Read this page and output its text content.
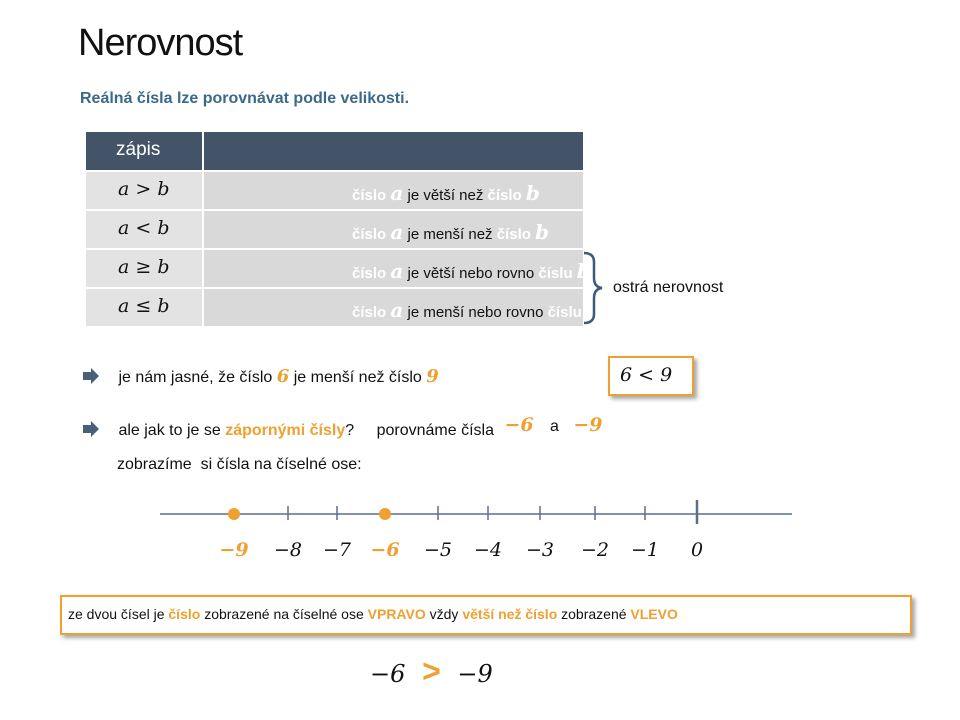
Nerovnost
Reálná čísla lze porovnávat podle velikosti.
zápis
a > b	číslo a je větší než číslo b
a < b	číslo a je menší než číslo b
a ≥ b	číslo a je větší nebo rovno číslu b
a ≤ b	číslo a je menší nebo rovno číslu b
ostrá nerovnost
je nám jasné, že číslo 6 je menší než číslo 9	6 < 9
ale jak to je se zápornými čísly? porovnáme čísla −6 a −9
zobrazíme  si čísla na číselné ose:
−9 −8 −7 −6 −5 −4 −3 −2 −1 0
ze dvou čísel je číslo zobrazené na číselné ose VPRAVO vždy větší než číslo zobrazené VLEVO
−6 > −9
